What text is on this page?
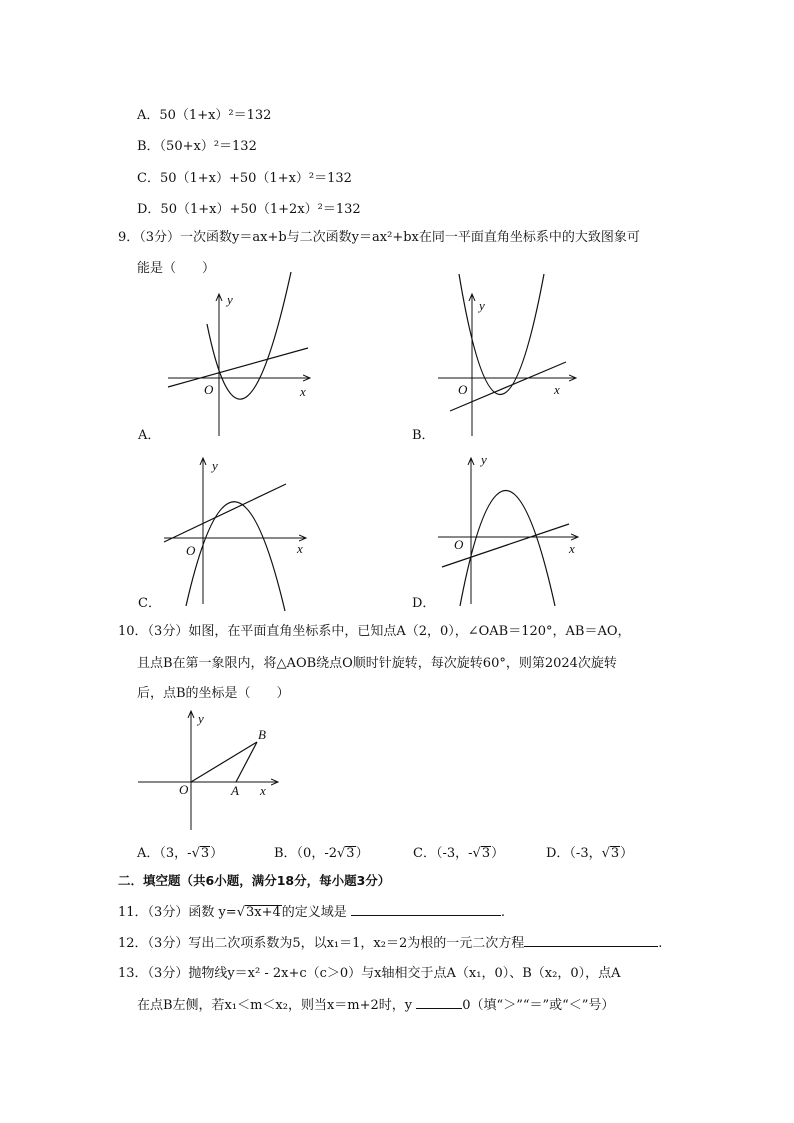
A．50（1+x）²＝132
B．（50+x）²＝132
C．50（1+x）+50（1+x）²＝132
D．50（1+x）+50（1+2x）²＝132
9．（3分）一次函数y＝ax+b与二次函数y＝ax²+bx在同一平面直角坐标系中的大致图象可
能是（　　）
y
x
O
A．
y
x
O
B．
y
x
O
C．
y
x
O
D．
10．（3分）如图，在平面直角坐标系中，已知点A（2，0），∠OAB＝120°，AB＝AO，
且点B在第一象限内，将△AOB绕点O顺时针旋转，每次旋转60°，则第2024次旋转
后，点B的坐标是（　　）
y
B
O	A x
A．（3，-√3）	B．（0，-2√3）	C．（-3，-√3）	D．（-3，√3）
二．填空题（共6小题，满分18分，每小题3分）
11．（3分）函数 y=√3x+4的定义域是	.
12．（3分）写出二次项系数为5，以x₁＝1，x₂＝2为根的一元二次方程	.
13．（3分）抛物线y＝x² - 2x+c（c＞0）与x轴相交于点A（x₁，0）、B（x₂，0），点A
在点B左侧，若x₁＜m＜x₂，则当x＝m+2时，y	0（填“＞”“＝”或“＜”号）
